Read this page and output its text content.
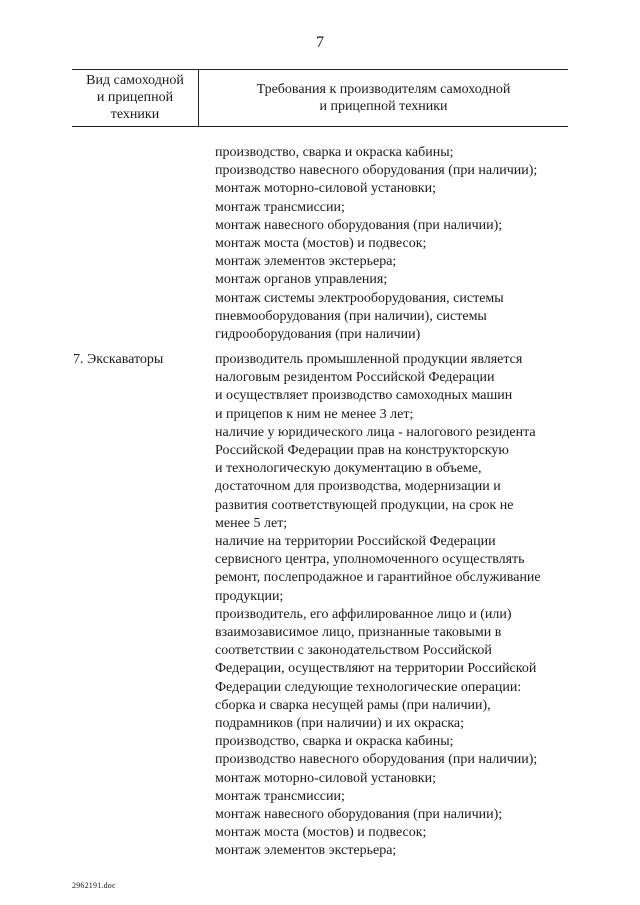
7
Вид самоходной
и прицепной
техники
Требования к производителям самоходной
и прицепной техники
производство, сварка и окраска кабины;
производство навесного оборудования (при наличии);
монтаж моторно-силовой установки;
монтаж трансмиссии;
монтаж навесного оборудования (при наличии);
монтаж моста (мостов) и подвесок;
монтаж элементов экстерьера;
монтаж органов управления;
монтаж системы электрооборудования, системы
пневмооборудования (при наличии), системы
гидрооборудования (при наличии)
7. Экскаваторы	производитель промышленной продукции является
налоговым резидентом Российской Федерации
и осуществляет производство самоходных машин
и прицепов к ним не менее 3 лет;
наличие у юридического лица - налогового резидента
Российской Федерации прав на конструкторскую
и технологическую документацию в объеме,
достаточном для производства, модернизации и
развития соответствующей продукции, на срок не
менее 5 лет;
наличие на территории Российской Федерации
сервисного центра, уполномоченного осуществлять
ремонт, послепродажное и гарантийное обслуживание
продукции;
производитель, его аффилированное лицо и (или)
взаимозависимое лицо, признанные таковыми в
соответствии с законодательством Российской
Федерации, осуществляют на территории Российской
Федерации следующие технологические операции:
сборка и сварка несущей рамы (при наличии),
подрамников (при наличии) и их окраска;
производство, сварка и окраска кабины;
производство навесного оборудования (при наличии);
монтаж моторно-силовой установки;
монтаж трансмиссии;
монтаж навесного оборудования (при наличии);
монтаж моста (мостов) и подвесок;
монтаж элементов экстерьера;
2962191.doc
